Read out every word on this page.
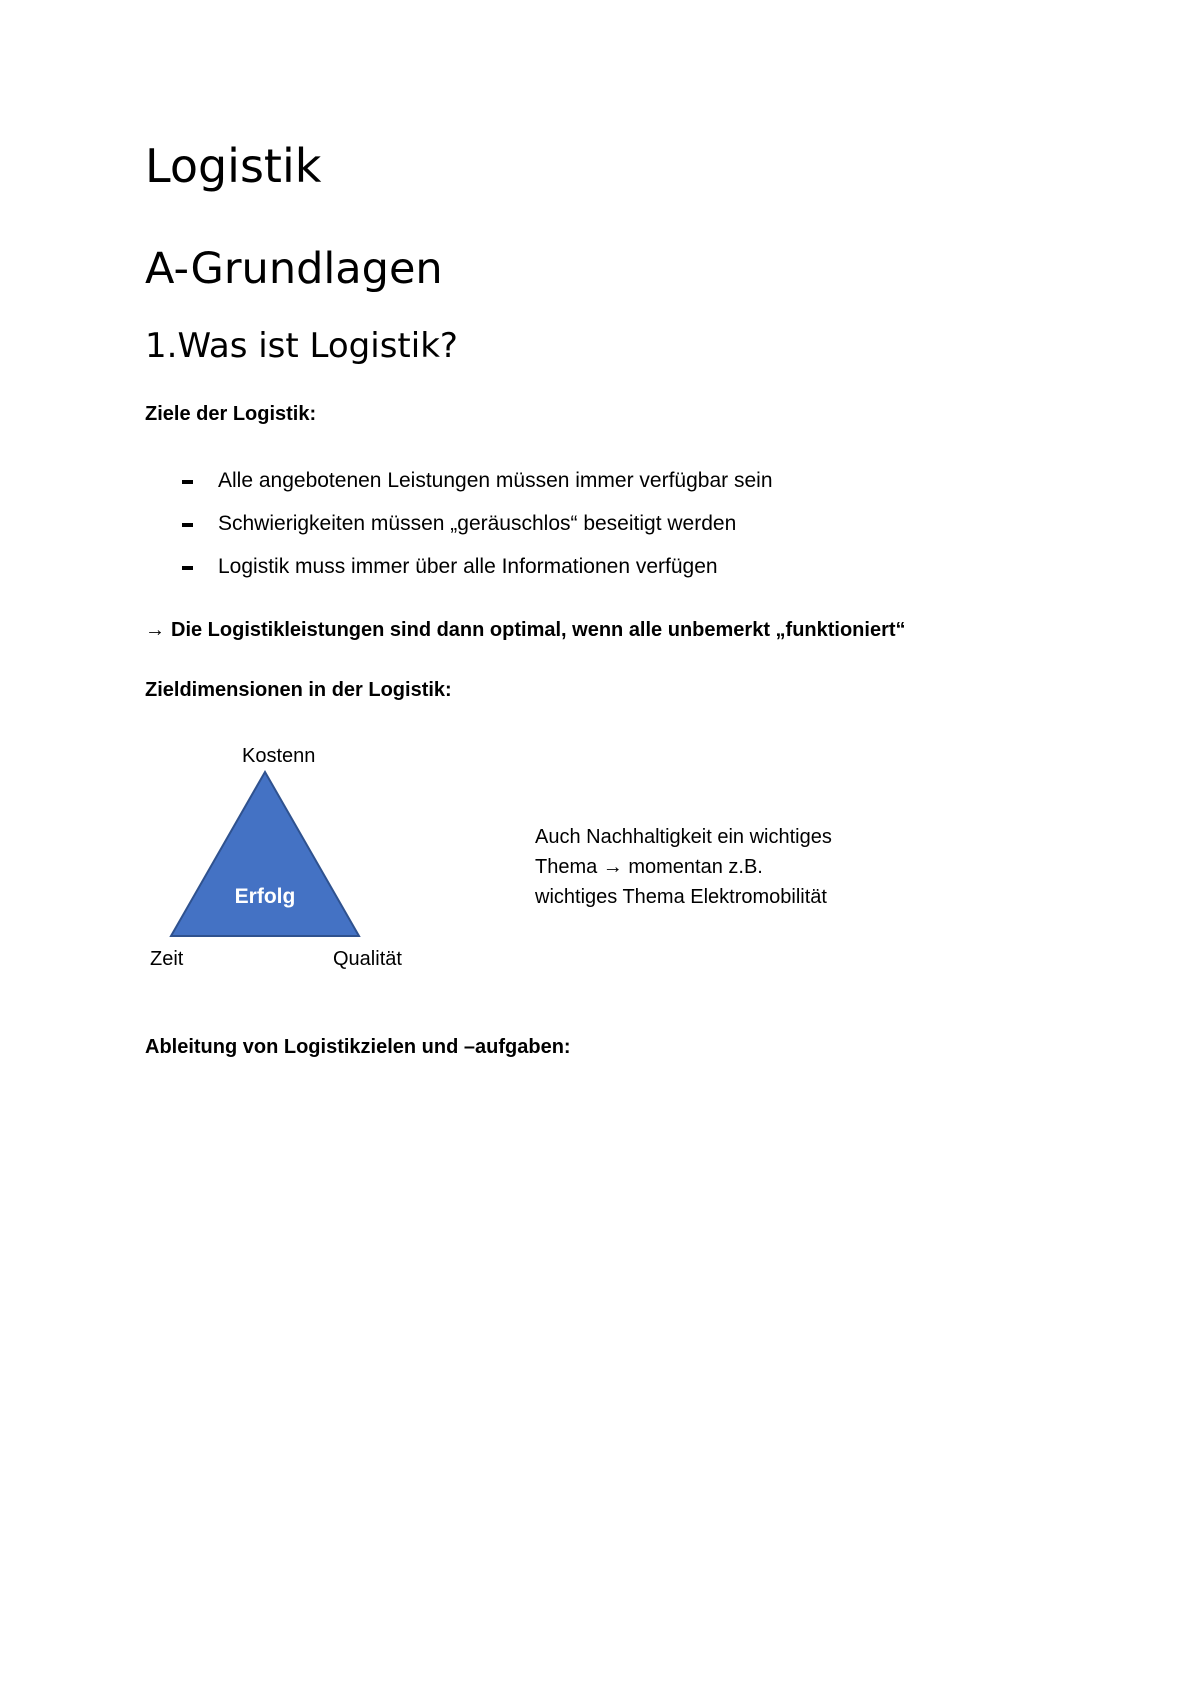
Logistik
A-Grundlagen
1.Was ist Logistik?

Ziele der Logistik:

Alle angebotenen Leistungen müssen immer verfügbar sein
Schwierigkeiten müssen „geräuschlos“ beseitigt werden
Logistik muss immer über alle Informationen verfügen

→ Die Logistikleistungen sind dann optimal, wenn alle unbemerkt „funktioniert“

Zieldimensionen in der Logistik:

Erfolg
Kostenn
Zeit	Qualität

Auch Nachhaltigkeit ein wichtiges
Thema → momentan z.B.
wichtiges Thema Elektromobilität

Ableitung von Logistikzielen und –aufgaben:
